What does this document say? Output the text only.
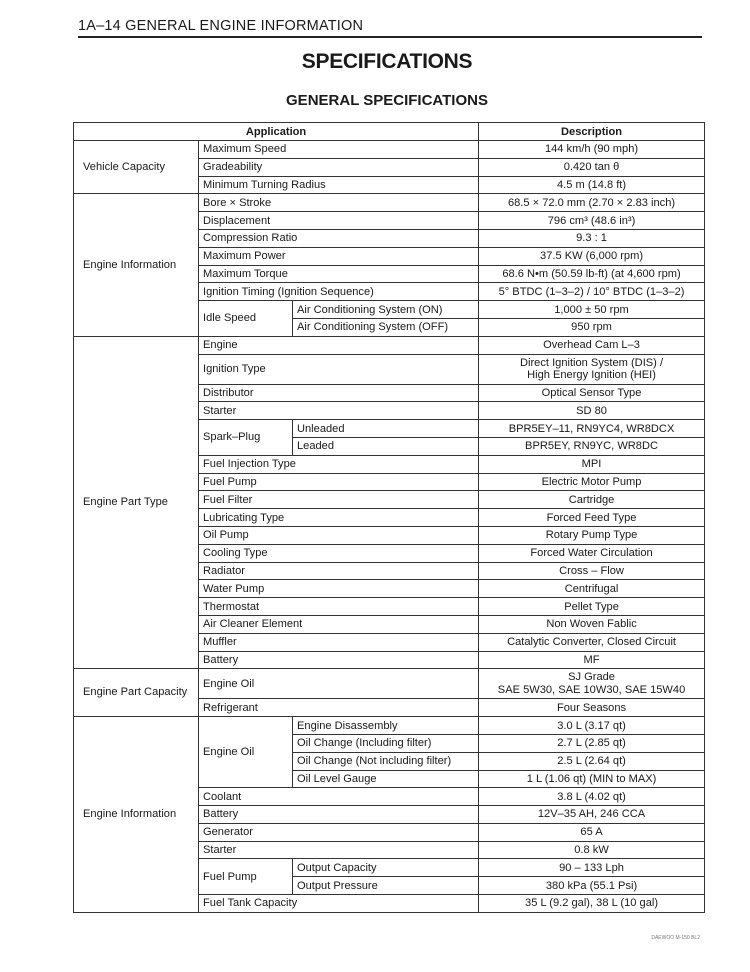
1A–14 GENERAL ENGINE INFORMATION
SPECIFICATIONS
GENERAL SPECIFICATIONS
Application			Description
Vehicle Capacity	Maximum Speed		144 km/h (90 mph)
	Gradeability		0.420 tan θ
	Minimum Turning Radius		4.5 m (14.8 ft)
Engine Information	Bore × Stroke		68.5 × 72.0 mm (2.70 × 2.83 inch)
	Displacement		796 cm³ (48.6 in³)
	Compression Ratio		9.3 : 1
	Maximum Power		37.5 KW (6,000 rpm)
	Maximum Torque		68.6 N•m (50.59 lb-ft) (at 4,600 rpm)
	Ignition Timing (Ignition Sequence)		5° BTDC (1–3–2) / 10° BTDC (1–3–2)
	Idle Speed	Air Conditioning System (ON)	1,000 ± 50 rpm
		Air Conditioning System (OFF)	950 rpm
Engine Part Type	Engine		Overhead Cam L–3
	Ignition Type		Direct Ignition System (DIS) /
High Energy Ignition (HEI)

	Distributor		Optical Sensor Type
	Starter		SD 80
	Spark–Plug	Unleaded	BPR5EY–11, RN9YC4, WR8DCX
		Leaded	BPR5EY, RN9YC, WR8DC
	Fuel Injection Type		MPI
	Fuel Pump		Electric Motor Pump
	Fuel Filter		Cartridge
	Lubricating Type		Forced Feed Type
	Oil Pump		Rotary Pump Type
	Cooling Type		Forced Water Circulation
	Radiator		Cross – Flow
	Water Pump		Centrifugal
	Thermostat		Pellet Type
	Air Cleaner Element		Non Woven Fablic
	Muffler		Catalytic Converter, Closed Circuit
	Battery		MF
Engine Part Capacity	Engine Oil		SJ Grade
SAE 5W30, SAE 10W30, SAE 15W40

	Refrigerant		Four Seasons
Engine Information	Engine Oil	Engine Disassembly	3.0 L (3.17 qt)
		Oil Change (Including filter)	2.7 L (2.85 qt)
		Oil Change (Not including filter)	2.5 L (2.64 qt)
		Oil Level Gauge	1 L (1.06 qt) (MIN to MAX)
	Coolant		3.8 L (4.02 qt)
	Battery		12V–35 AH, 246 CCA
	Generator		65 A
	Starter		0.8 kW
	Fuel Pump	Output Capacity	90 – 133 Lph
		Output Pressure	380 kPa (55.1 Psi)
	Fuel Tank Capacity		35 L (9.2 gal), 38 L (10 gal)
DAEWOO M-150 BL2
